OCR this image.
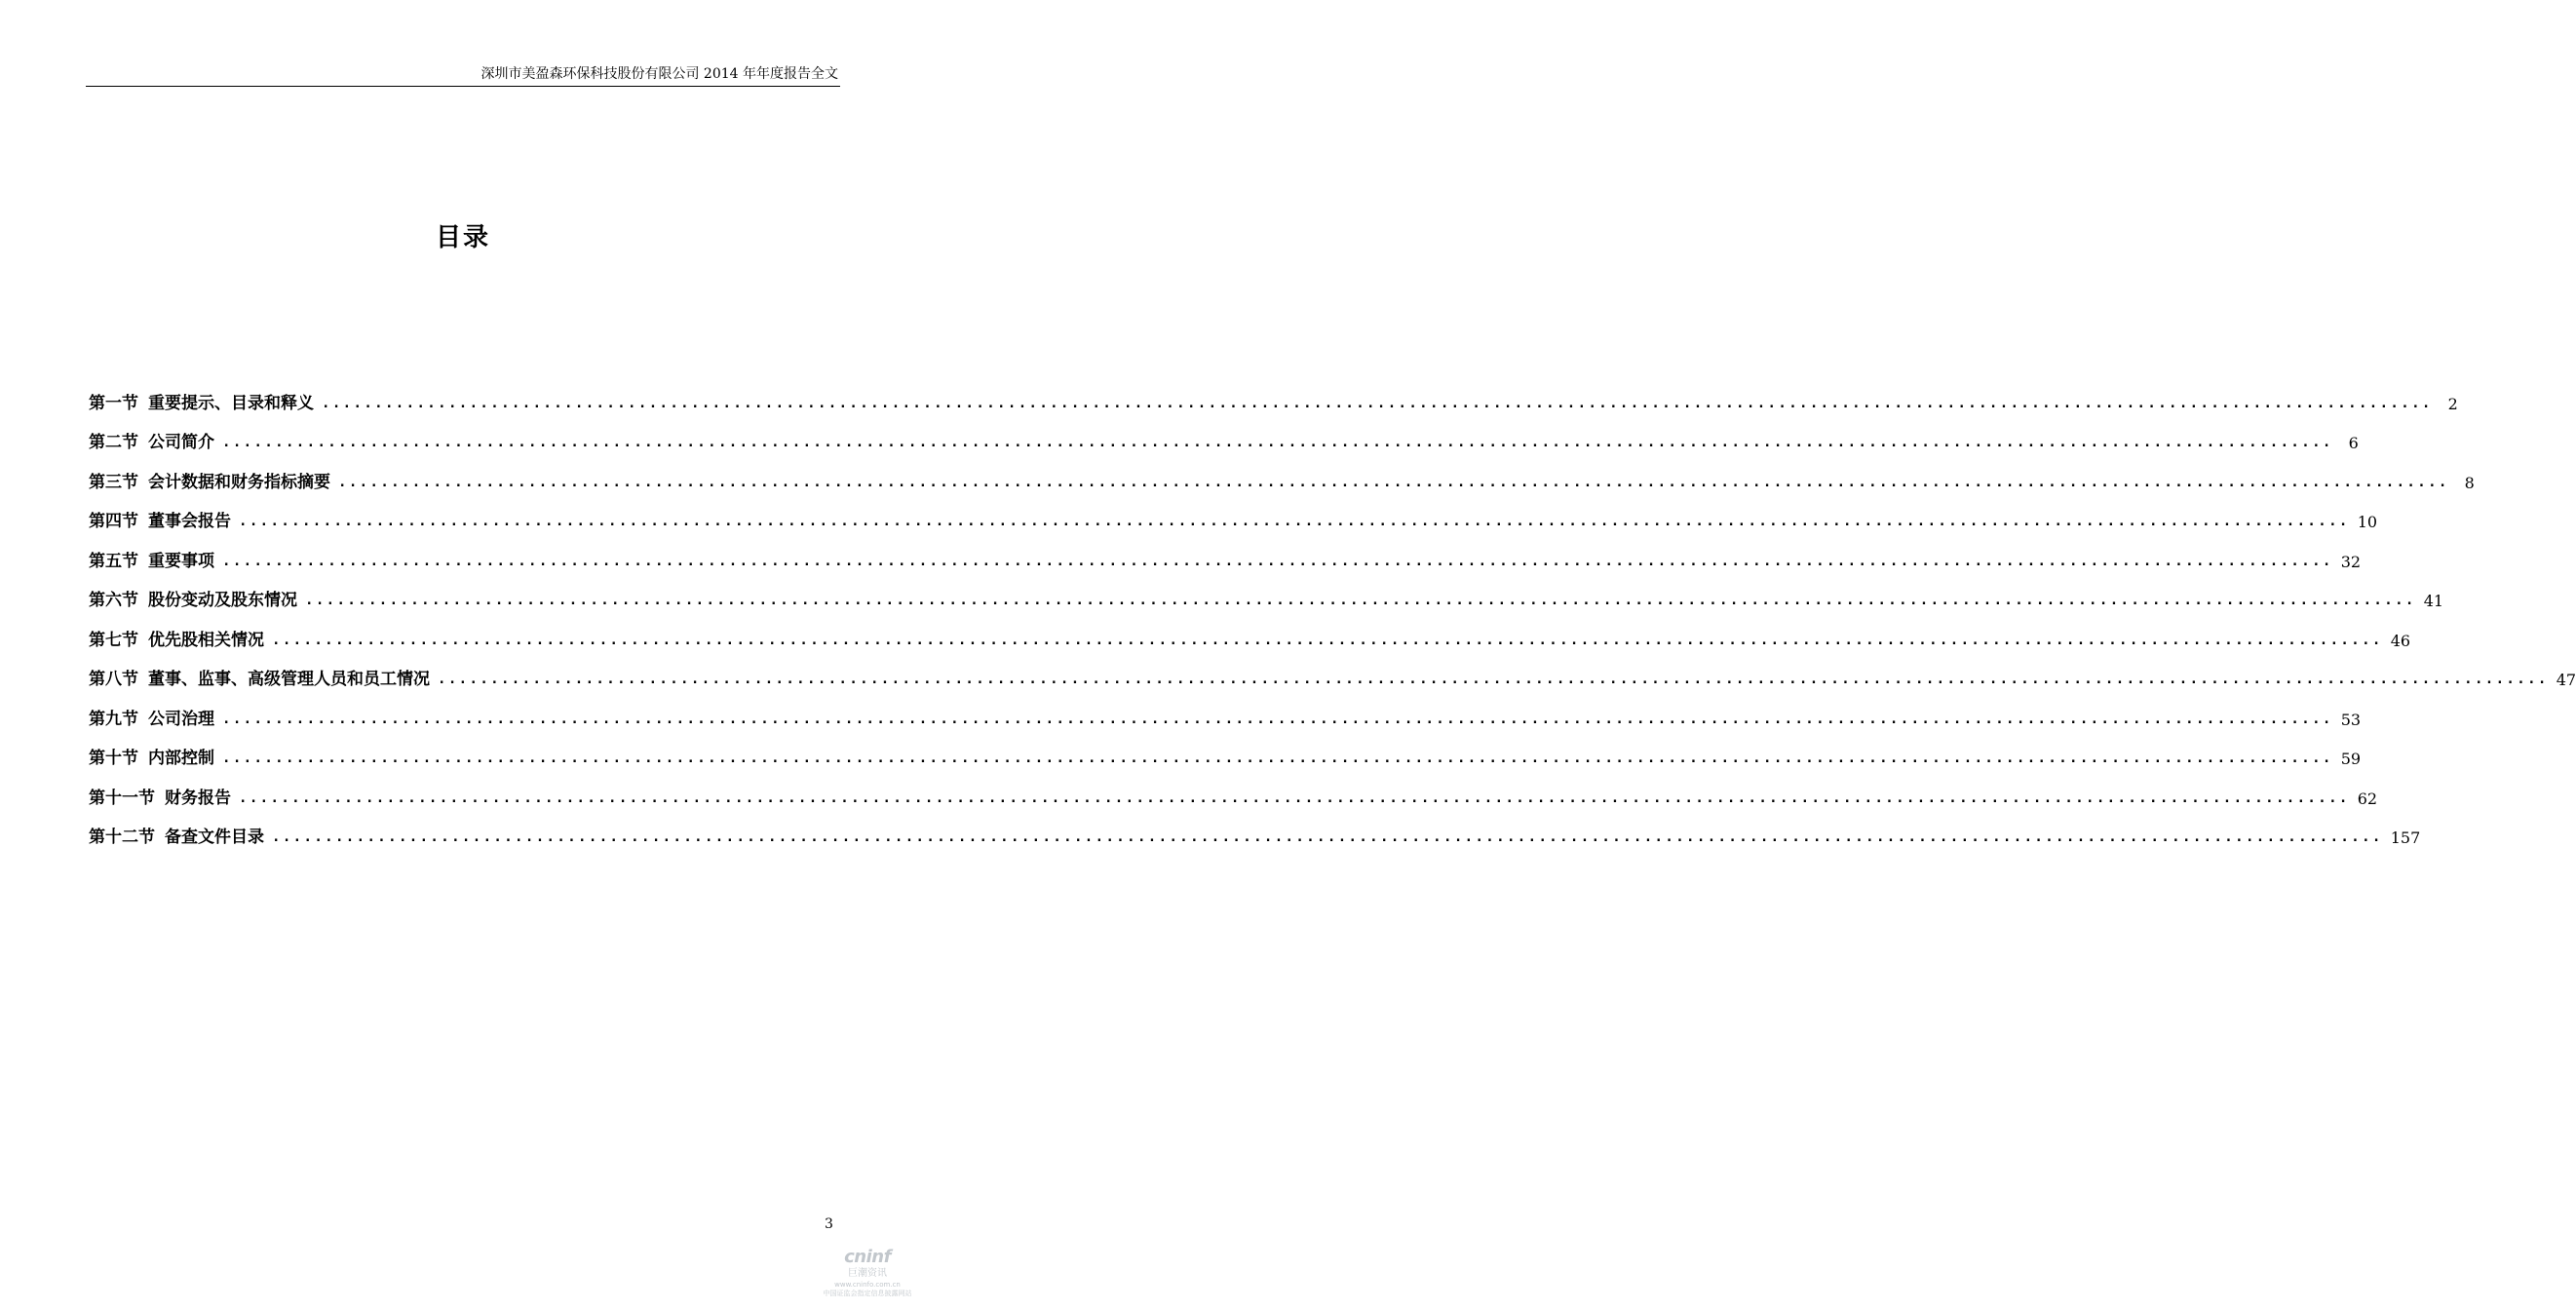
深圳市美盈森环保科技股份有限公司 2014 年年度报告全文
目录
第一节 重要提示、目录和释义 ........................................................................................................................................................................................................ 2
第二节 公司简介 ........................................................................................................................................................................................................ 6
第三节 会计数据和财务指标摘要 ........................................................................................................................................................................................................ 8
第四节 董事会报告 ........................................................................................................................................................................................................ 10
第五节 重要事项 ........................................................................................................................................................................................................ 32
第六节 股份变动及股东情况 ........................................................................................................................................................................................................ 41
第七节 优先股相关情况 ........................................................................................................................................................................................................ 46
第八节 董事、监事、高级管理人员和员工情况 ........................................................................................................................................................................................................ 47
第九节 公司治理 ........................................................................................................................................................................................................ 53
第十节 内部控制 ........................................................................................................................................................................................................ 59
第十一节 财务报告 ........................................................................................................................................................................................................ 62
第十二节 备查文件目录 ........................................................................................................................................................................................................ 157
3
cninf
巨潮资讯
www.cninfo.com.cn
中国证监会指定信息披露网站
